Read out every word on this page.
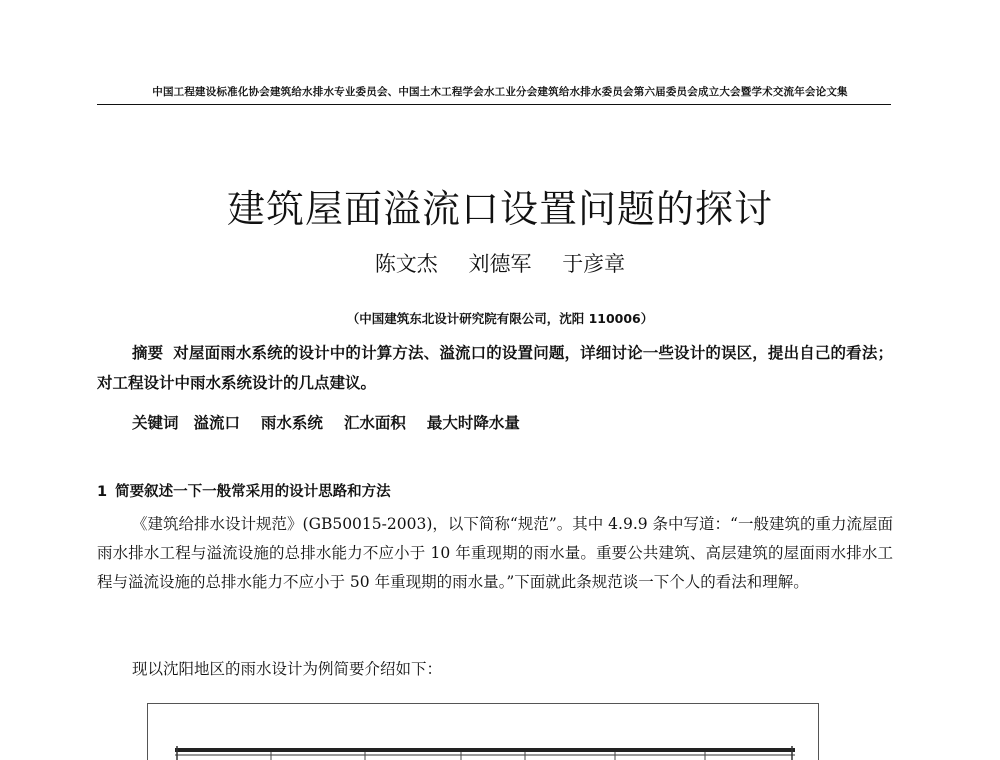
中国工程建设标准化协会建筑给水排水专业委员会、中国土木工程学会水工业分会建筑给水排水委员会第六届委员会成立大会暨学术交流年会论文集
建筑屋面溢流口设置问题的探讨
陈文杰 刘德军 于彦章
（中国建筑东北设计研究院有限公司，沈阳 110006）
摘要 对屋面雨水系统的设计中的计算方法、溢流口的设置问题，详细讨论一些设计的误区，提出自己的看法；对工程设计中雨水系统设计的几点建议。
关键词 溢流口 雨水系统 汇水面积 最大时降水量
1 简要叙述一下一般常采用的设计思路和方法
《建筑给排水设计规范》(GB50015-2003)，以下简称“规范”。其中 4.9.9 条中写道：“一般建筑的重力流屋面雨水排水工程与溢流设施的总排水能力不应小于 10 年重现期的雨水量。重要公共建筑、高层建筑的屋面雨水排水工程与溢流设施的总排水能力不应小于 50 年重现期的雨水量。”下面就此条规范谈一下个人的看法和理解。
现以沈阳地区的雨水设计为例简要介绍如下：
